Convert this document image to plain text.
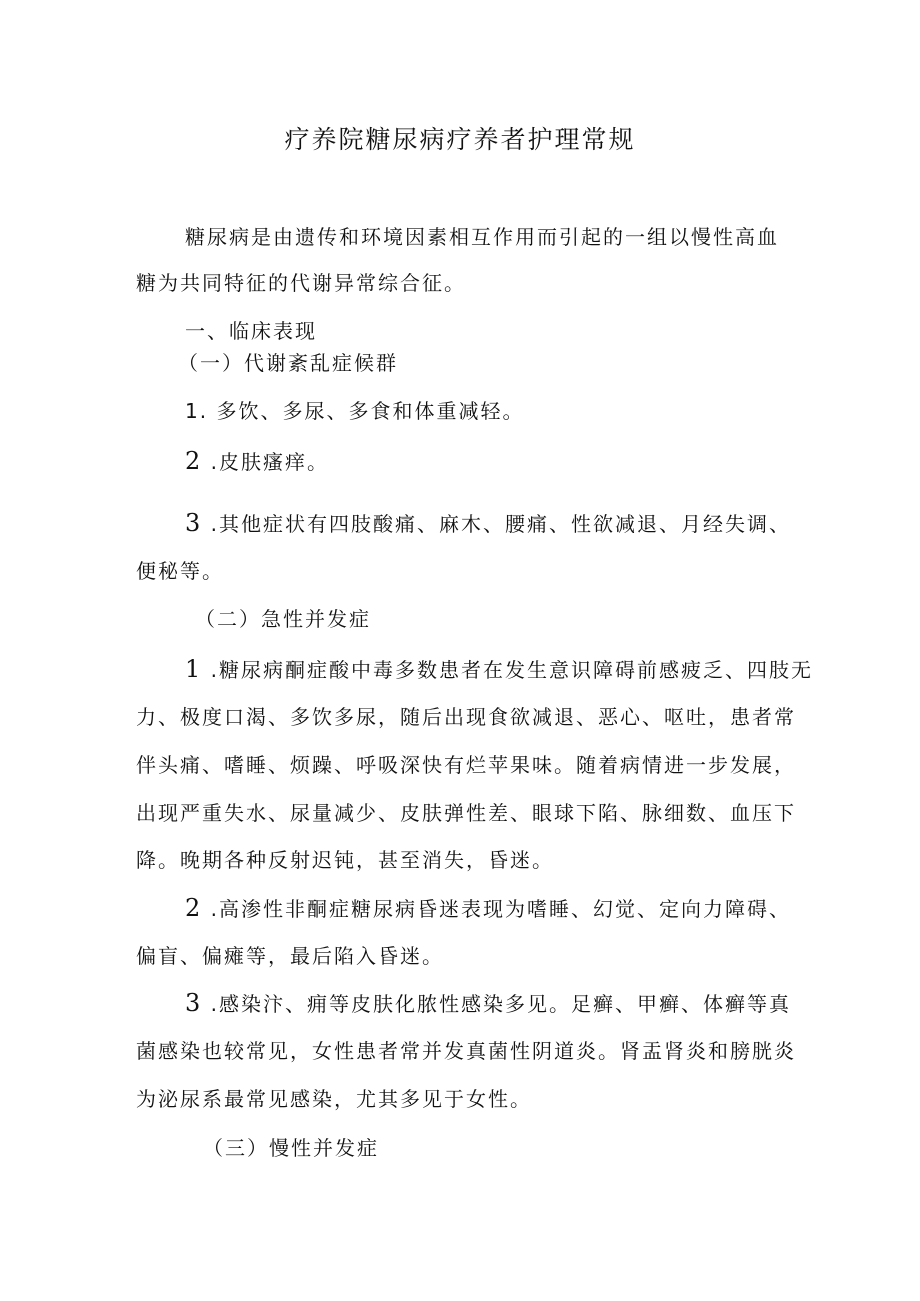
疗养院糖尿病疗养者护理常规
糖尿病是由遗传和环境因素相互作用而引起的一组以慢性高血
糖为共同特征的代谢异常综合征。
一、临床表现
（一）代谢紊乱症候群
1. 多饮、多尿、多食和体重减轻。
2 .皮肤瘙痒。
3 .其他症状有四肢酸痛、麻木、腰痛、性欲减退、月经失调、
便秘等。
（二）急性并发症
1 .糖尿病酮症酸中毒多数患者在发生意识障碍前感疲乏、四肢无
力、极度口渴、多饮多尿，随后出现食欲减退、恶心、呕吐，患者常
伴头痛、嗜睡、烦躁、呼吸深快有烂苹果味。随着病情进一步发展，
出现严重失水、尿量减少、皮肤弹性差、眼球下陷、脉细数、血压下
降。晚期各种反射迟钝，甚至消失，昏迷。
2 .高渗性非酮症糖尿病昏迷表现为嗜睡、幻觉、定向力障碍、
偏盲、偏瘫等，最后陷入昏迷。
3 .感染汴、痈等皮肤化脓性感染多见。足癣、甲癣、体癣等真
菌感染也较常见，女性患者常并发真菌性阴道炎。肾盂肾炎和膀胱炎
为泌尿系最常见感染，尤其多见于女性。
（三）慢性并发症
